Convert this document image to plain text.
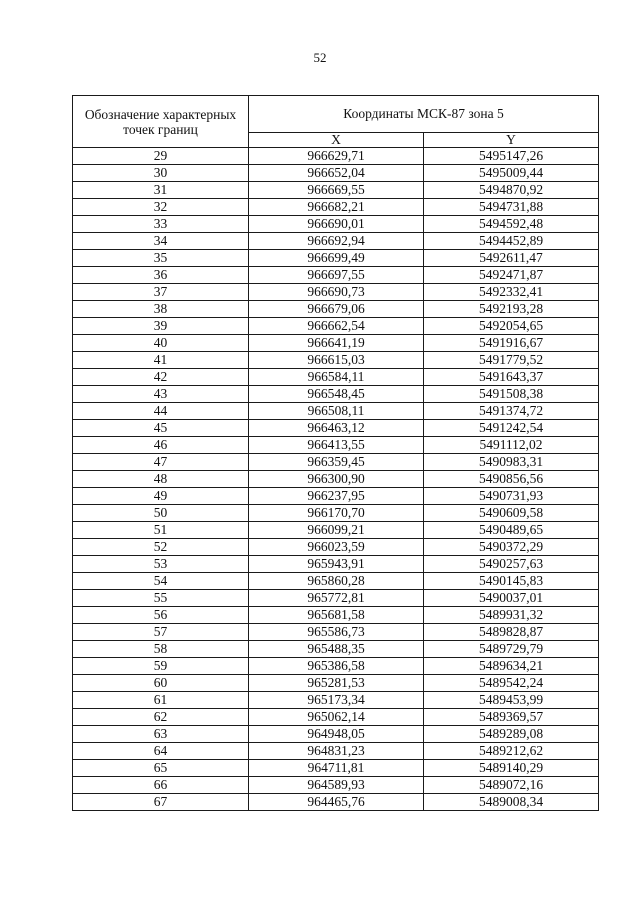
52
Обозначение характерных точек границ	Координаты МСК-87 зона 5	
	X	Y
29	966629,71	5495147,26
30	966652,04	5495009,44
31	966669,55	5494870,92
32	966682,21	5494731,88
33	966690,01	5494592,48
34	966692,94	5494452,89
35	966699,49	5492611,47
36	966697,55	5492471,87
37	966690,73	5492332,41
38	966679,06	5492193,28
39	966662,54	5492054,65
40	966641,19	5491916,67
41	966615,03	5491779,52
42	966584,11	5491643,37
43	966548,45	5491508,38
44	966508,11	5491374,72
45	966463,12	5491242,54
46	966413,55	5491112,02
47	966359,45	5490983,31
48	966300,90	5490856,56
49	966237,95	5490731,93
50	966170,70	5490609,58
51	966099,21	5490489,65
52	966023,59	5490372,29
53	965943,91	5490257,63
54	965860,28	5490145,83
55	965772,81	5490037,01
56	965681,58	5489931,32
57	965586,73	5489828,87
58	965488,35	5489729,79
59	965386,58	5489634,21
60	965281,53	5489542,24
61	965173,34	5489453,99
62	965062,14	5489369,57
63	964948,05	5489289,08
64	964831,23	5489212,62
65	964711,81	5489140,29
66	964589,93	5489072,16
67	964465,76	5489008,34
